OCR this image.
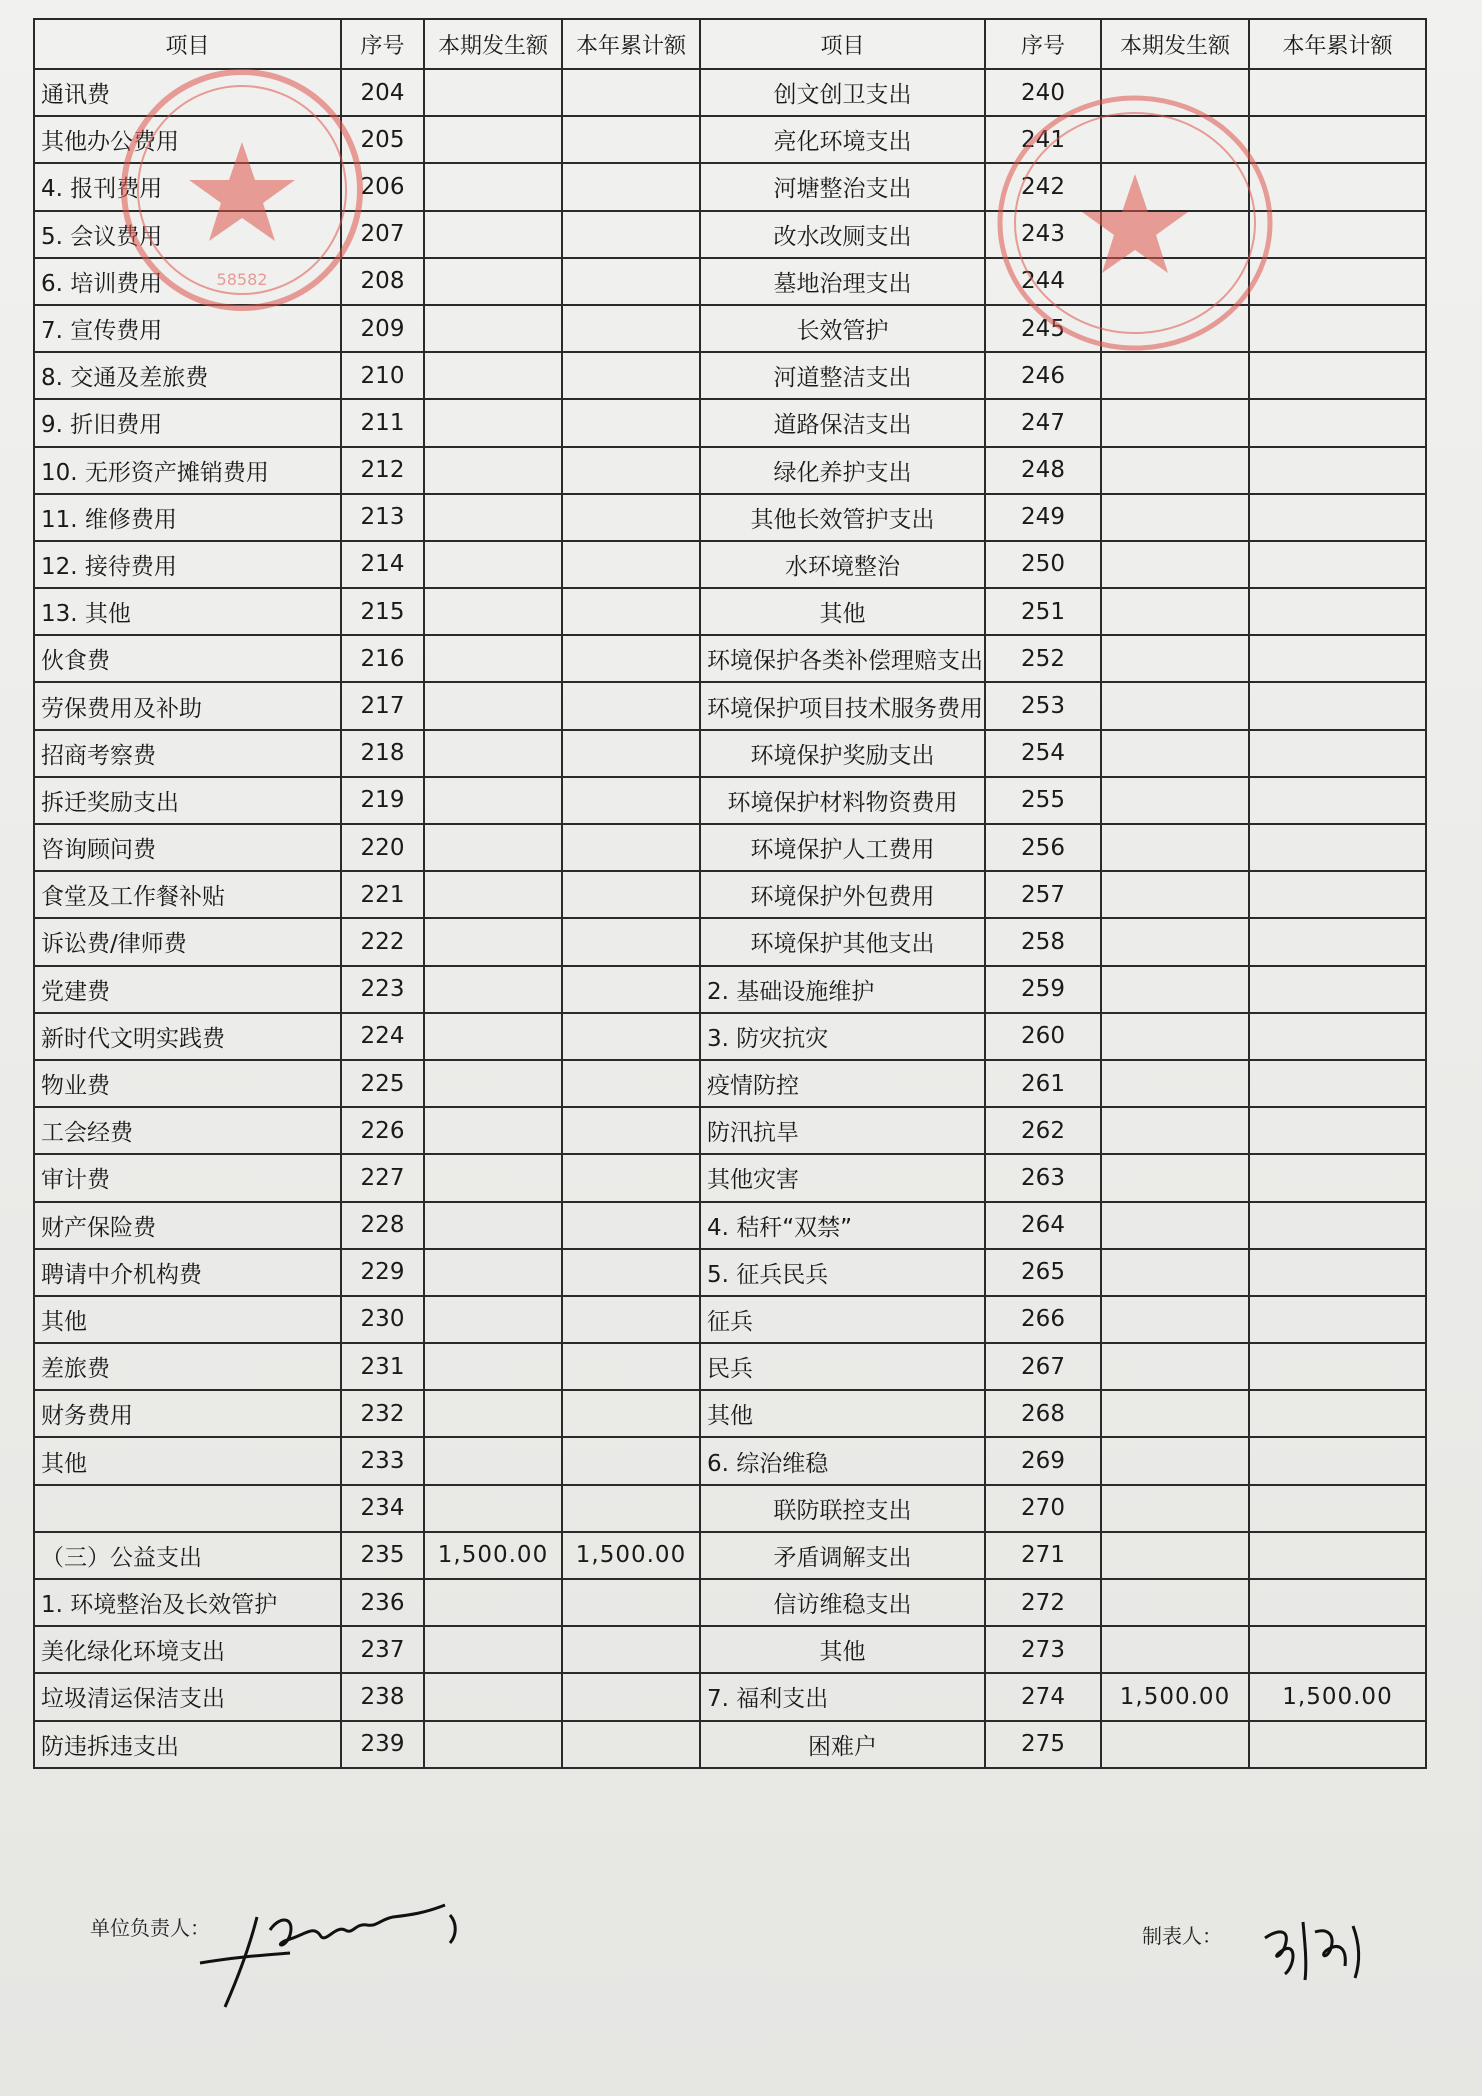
项目	序号	本期发生额	本年累计额	项目	序号	本期发生额	本年累计额
通讯费	204			创文创卫支出	240		
其他办公费用	205			亮化环境支出	241		
4. 报刊费用	206			河塘整治支出	242		
5. 会议费用	207			改水改厕支出	243		
6. 培训费用	208			墓地治理支出	244		
7. 宣传费用	209			长效管护	245		
8. 交通及差旅费	210			河道整洁支出	246		
9. 折旧费用	211			道路保洁支出	247		
10. 无形资产摊销费用	212			绿化养护支出	248		
11. 维修费用	213			其他长效管护支出	249		
12. 接待费用	214			水环境整治	250		
13. 其他	215			其他	251		
伙食费	216			环境保护各类补偿理赔支出	252		
劳保费用及补助	217			环境保护项目技术服务费用	253		
招商考察费	218			环境保护奖励支出	254		
拆迁奖励支出	219			环境保护材料物资费用	255		
咨询顾问费	220			环境保护人工费用	256		
食堂及工作餐补贴	221			环境保护外包费用	257		
诉讼费/律师费	222			环境保护其他支出	258		
党建费	223			2. 基础设施维护	259		
新时代文明实践费	224			3. 防灾抗灾	260		
物业费	225			疫情防控	261		
工会经费	226			防汛抗旱	262		
审计费	227			其他灾害	263		
财产保险费	228			4. 秸秆“双禁”	264		
聘请中介机构费	229			5. 征兵民兵	265		
其他	230			征兵	266		
差旅费	231			民兵	267		
财务费用	232			其他	268		
其他	233			6. 综治维稳	269		
	234			联防联控支出	270		
（三）公益支出	235	1,500.00	1,500.00	矛盾调解支出	271		
1. 环境整治及长效管护	236			信访维稳支出	272		
美化绿化环境支出	237			其他	273		
垃圾清运保洁支出	238			7. 福利支出	274	1,500.00	1,500.00
防违拆违支出	239			困难户	275		
58582
单位负责人：	制表人：
